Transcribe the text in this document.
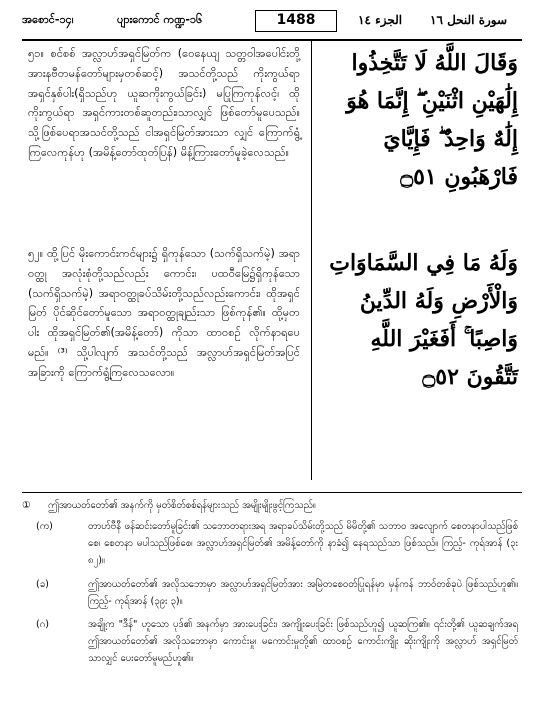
အစောင်-၁၄၊	ပျားကောင် ကဏ္ဍ-၁၆	1488	الجزء ١٤ سورة النحل ١٦
၅၁။ စင်စစ် အလ္လာဟ်အရှင်မြတ်က (ဝေနေယျ သတ္တဝါအပေါင်းတို့အားနဗီတမန်တော်များမှတစ်ဆင့်) အသင်တို့သည် ကိုးကွယ်ရာ အရှင်နှစ်ပါး(ရှိသည်ဟု ယူဆကိုးကွယ်ခြင်း) မပြုကြကုန်လင့်၊ ထိုကိုးကွယ်ရာ အရှင်ကားတစ်ဆူတည်း၊သာလျှင် ဖြစ်တော်မူပေသည်။ သို့ဖြစ်ပေရာအသင်တို့သည် ငါအရှင်မြတ်အားသာ လျှင် ကြောက်ရွံ့ကြလေကုန်ဟု (အမိန့်တော်ထုတ်ပြန်) မိန့်ကြားတော်မူခဲ့လေသည်။
وَقَالَ اللَّهُ لَا تَتَّخِذُوا إِلَٰهَيْنِ اثْنَيْنِ ۖ إِنَّمَا هُوَ إِلَٰهٌ وَاحِدٌ ۖ فَإِيَّايَ فَارْهَبُونِ ۝٥١
၅၂။ ထို့ပြင် မိုးကောင်းကင်များ၌ ရှိကုန်သော (သက်ရှိသက်မဲ့) အရာဝတ္ထု အလုံးစုံတို့သည်လည်း ကောင်း၊ ပထဝီမြေ၌ရှိကုန်သော (သက်ရှိသက်မဲ့) အရာဝတ္ထုခပ်သိမ်းတို့သည်လည်းကောင်း၊ ထိုအရှင် မြတ် ပိုင်ဆိုင်တော်မူသော အရာဝတ္ထုချည်းသာ ဖြစ်ကုန်၏။ ထို့မှတပါး ထိုအရှင်မြတ်၏(အမိန့်တော်) ကိုသာ ထာဝစဉ် လိုက်နာရပေမည်။ ⁽³⁾ သို့ပါလျက် အသင်တို့သည် အလ္လာဟ်အရှင်မြတ်အပြင် အခြားကို ကြောက်ရွံ့ကြလေသလော။
وَلَهُ مَا فِي السَّمَاوَاتِ وَالْأَرْضِ وَلَهُ الدِّينُ وَاصِبًا ۚ أَفَغَيْرَ اللَّهِ تَتَّقُونَ ۝٥٢
① ဤအာယတ်တော်၏ အနက်ကို မှတ်စိတ်စစ်ရန်များသည် အမျိုးမျိုးဖွင့်ကြသည်။
(က)	တာဟ်ဗီနီ ဖန်ဆင်းတော်မူခြင်း၏ သဘောတရားအရ အရာခပ်သိမ်းတို့သည် မိမိတို့၏ သဘာဝ အလျောက် စေတနာပါသည်ဖြစ်စေ၊ စေတနာ မပါသည်ဖြစ်စေ၊ အလ္လာဟ်အရှင်မြတ်၏ အမိန့်တော်ကို နာခံ၍ နေရသည်သာ ဖြစ်သည်။ ကြည့်- ကုရ်အာန် (၃း ၈၂)။
(ခ)	ဤအာယတ်တော်၏ အလိုသဘောမှာ အလ္လာဟ်အရှင်မြတ်အား အမြဲတစေဝတ်ပြုရန်မှာ မှန်ကန် ဘာဝ်တစ်ခုပဲ ဖြစ်သည်ဟူ၏။ ကြည့်- ကုရ်အာန် (၃၉း ၃)။
(ဂ)	အချို့က "ဒီန်" ဟူသော ပုဒ်၏ အနက်မှာ အားပေးခြင်း၊ အကျိုးပေးခြင်း ဖြစ်သည်ဟူ၍ ယူဆကြ၏။ ၎င်းတို့၏ ယူဆချက်အရ ဤအာယတ်တော်၏ အလိုသဘောမှာ ကောင်းမှု၊ မကောင်းမှုတို့၏ ထာဝစဉ် ကောင်းကျိုး ဆိုးကျိုးကို အလ္လာဟ် အရှင်မြတ်သာလျှင် ပေးတော်မူမည်ဟူ၏။
